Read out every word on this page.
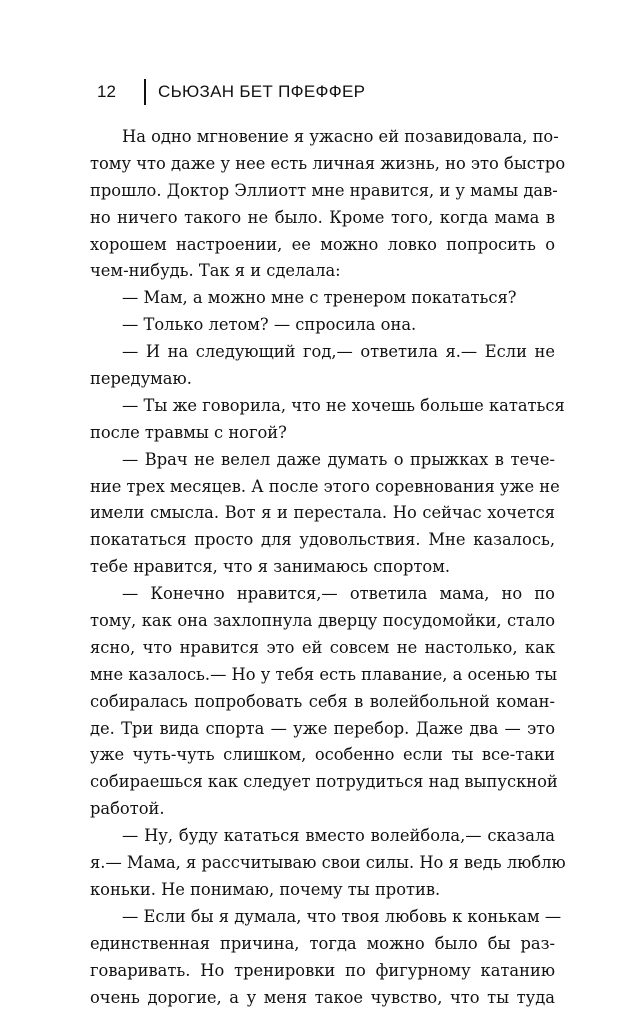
12	СЬЮЗАН БЕТ ПФЕФФЕР
На одно мгновение я ужасно ей позавидовала, по-
тому что даже у нее есть личная жизнь, но это быстро
прошло. Доктор Эллиотт мне нравится, и у мамы дав-
но ничего такого не было. Кроме того, когда мама в
хорошем настроении, ее можно ловко попросить о
чем-нибудь. Так я и сделала:
— Мам, а можно мне с тренером покататься?
— Только летом? — спросила она.
— И на следующий год,— ответила я.— Если не
передумаю.
— Ты же говорила, что не хочешь больше кататься
после травмы с ногой?
— Врач не велел даже думать о прыжках в тече-
ние трех месяцев. А после этого соревнования уже не
имели смысла. Вот я и перестала. Но сейчас хочется
покататься просто для удовольствия. Мне казалось,
тебе нравится, что я занимаюсь спортом.
— Конечно нравится,— ответила мама, но по
тому, как она захлопнула дверцу посудомойки, стало
ясно, что нравится это ей совсем не настолько, как
мне казалось.— Но у тебя есть плавание, а осенью ты
собиралась попробовать себя в волейбольной коман-
де. Три вида спорта — уже перебор. Даже два — это
уже чуть-чуть слишком, особенно если ты все-таки
собираешься как следует потрудиться над выпускной
работой.
— Ну, буду кататься вместо волейбола,— сказала
я.— Мама, я рассчитываю свои силы. Но я ведь люблю
коньки. Не понимаю, почему ты против.
— Если бы я думала, что твоя любовь к конькам —
единственная причина, тогда можно было бы раз-
говаривать. Но тренировки по фигурному катанию
очень дорогие, а у меня такое чувство, что ты туда
